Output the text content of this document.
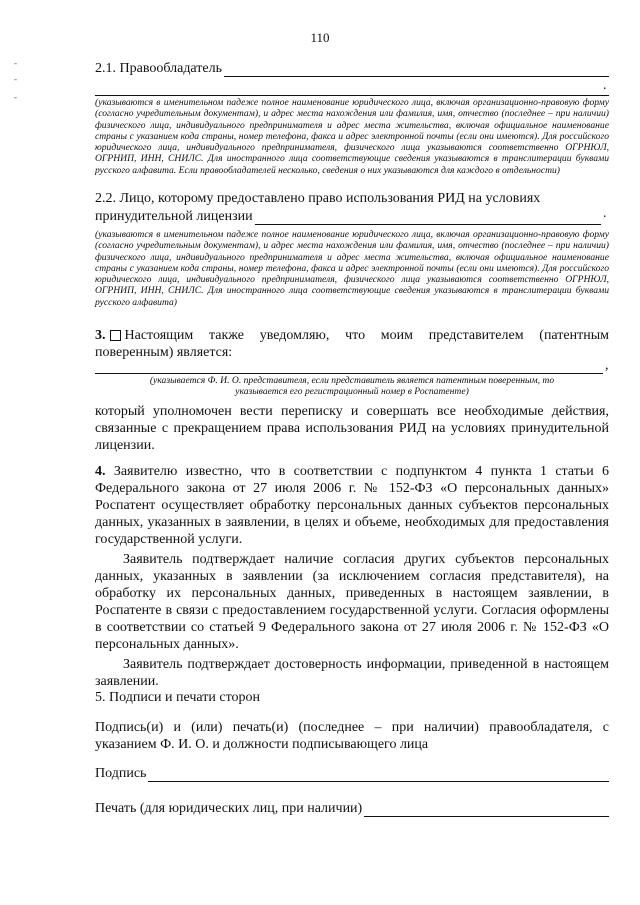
110
-
-
-
2.1. Правообладатель
.
(указываются в именительном падеже полное наименование юридического лица, включая организационно-правовую форму (согласно учредительным документам), и адрес места нахождения или фамилия, имя, отчество (последнее – при наличии) физического лица, индивидуального предпринимателя и адрес места жительства, включая официальное наименование страны с указанием кода страны, номер телефона, факса и адрес электронной почты (если они имеются). Для российского юридического лица, индивидуального предпринимателя, физического лица указываются соответственно ОГРНЮЛ, ОГРНИП, ИНН, СНИЛС. Для иностранного лица соответствующие сведения указываются в транслитерации буквами русского алфавита. Если правообладателей несколько, сведения о них указываются для каждого в отдельности)
2.2. Лицо, которому предоставлено право использования РИД на условиях
принудительной лицензии	.
(указываются в именительном падеже полное наименование юридического лица, включая организационно-правовую форму (согласно учредительным документам), и адрес места нахождения или фамилия, имя, отчество (последнее – при наличии) физического лица, индивидуального предпринимателя и адрес места жительства, включая официальное наименование страны с указанием кода страны, номер телефона, факса и адрес электронной почты (если они имеются). Для российского юридического лица, индивидуального предпринимателя, физического лица указываются соответственно ОГРНЮЛ, ОГРНИП, ИНН, СНИЛС. Для иностранного лица соответствующие сведения указываются в транслитерации буквами русского алфавита)
3. Настоящим также уведомляю, что моим представителем (патентным поверенным) является:
,
(указывается Ф. И. О. представителя, если представитель является патентным поверенным, то
указывается его регистрационный номер в Роспатенте)
который уполномочен вести переписку и совершать все необходимые действия, связанные с прекращением права использования РИД на условиях принудительной лицензии.

4. Заявителю известно, что в соответствии с подпунктом 4 пункта 1 статьи 6 Федерального закона от 27 июля 2006 г. № 152-ФЗ «О персональных данных» Роспатент осуществляет обработку персональных данных субъектов персональных данных, указанных в заявлении, в целях и объеме, необходимых для предоставления государственной услуги.

Заявитель подтверждает наличие согласия других субъектов персональных данных, указанных в заявлении (за исключением согласия представителя), на обработку их персональных данных, приведенных в настоящем заявлении, в Роспатенте в связи с предоставлением государственной услуги. Согласия оформлены в соответствии со статьей 9 Федерального закона от 27 июля 2006 г. № 152-ФЗ «О персональных данных».

Заявитель подтверждает достоверность информации, приведенной в настоящем заявлении.

5. Подписи и печати сторон
Подпись(и) и (или) печать(и) (последнее – при наличии) правообладателя, с указанием Ф. И. О. и должности подписывающего лица
Подпись
Печать (для юридических лиц, при наличии)
